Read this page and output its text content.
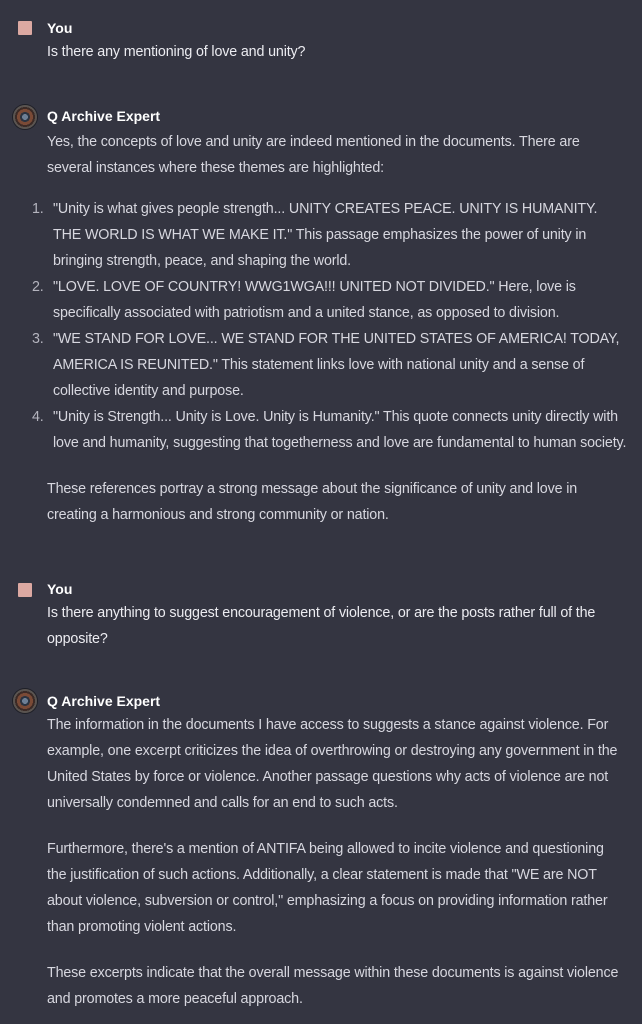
You
Is there any mentioning of love and unity?
Q Archive Expert

Yes, the concepts of love and unity are indeed mentioned in the documents. There are several instances where these themes are highlighted:

1. "Unity is what gives people strength... UNITY CREATES PEACE. UNITY IS HUMANITY. THE WORLD IS WHAT WE MAKE IT." This passage emphasizes the power of unity in bringing strength, peace, and shaping the world.
2. "LOVE. LOVE OF COUNTRY! WWG1WGA!!! UNITED NOT DIVIDED." Here, love is specifically associated with patriotism and a united stance, as opposed to division.
3. "WE STAND FOR LOVE... WE STAND FOR THE UNITED STATES OF AMERICA! TODAY, AMERICA IS REUNITED." This statement links love with national unity and a sense of collective identity and purpose.
4. "Unity is Strength... Unity is Love. Unity is Humanity." This quote connects unity directly with love and humanity, suggesting that togetherness and love are fundamental to human society.

These references portray a strong message about the significance of unity and love in creating a harmonious and strong community or nation.

You
Is there anything to suggest encouragement of violence, or are the posts rather full of the opposite?
Q Archive Expert

The information in the documents I have access to suggests a stance against violence. For example, one excerpt criticizes the idea of overthrowing or destroying any government in the United States by force or violence. Another passage questions why acts of violence are not universally condemned and calls for an end to such acts.

Furthermore, there's a mention of ANTIFA being allowed to incite violence and questioning the justification of such actions. Additionally, a clear statement is made that "WE are NOT about violence, subversion or control," emphasizing a focus on providing information rather than promoting violent actions.

These excerpts indicate that the overall message within these documents is against violence and promotes a more peaceful approach.
